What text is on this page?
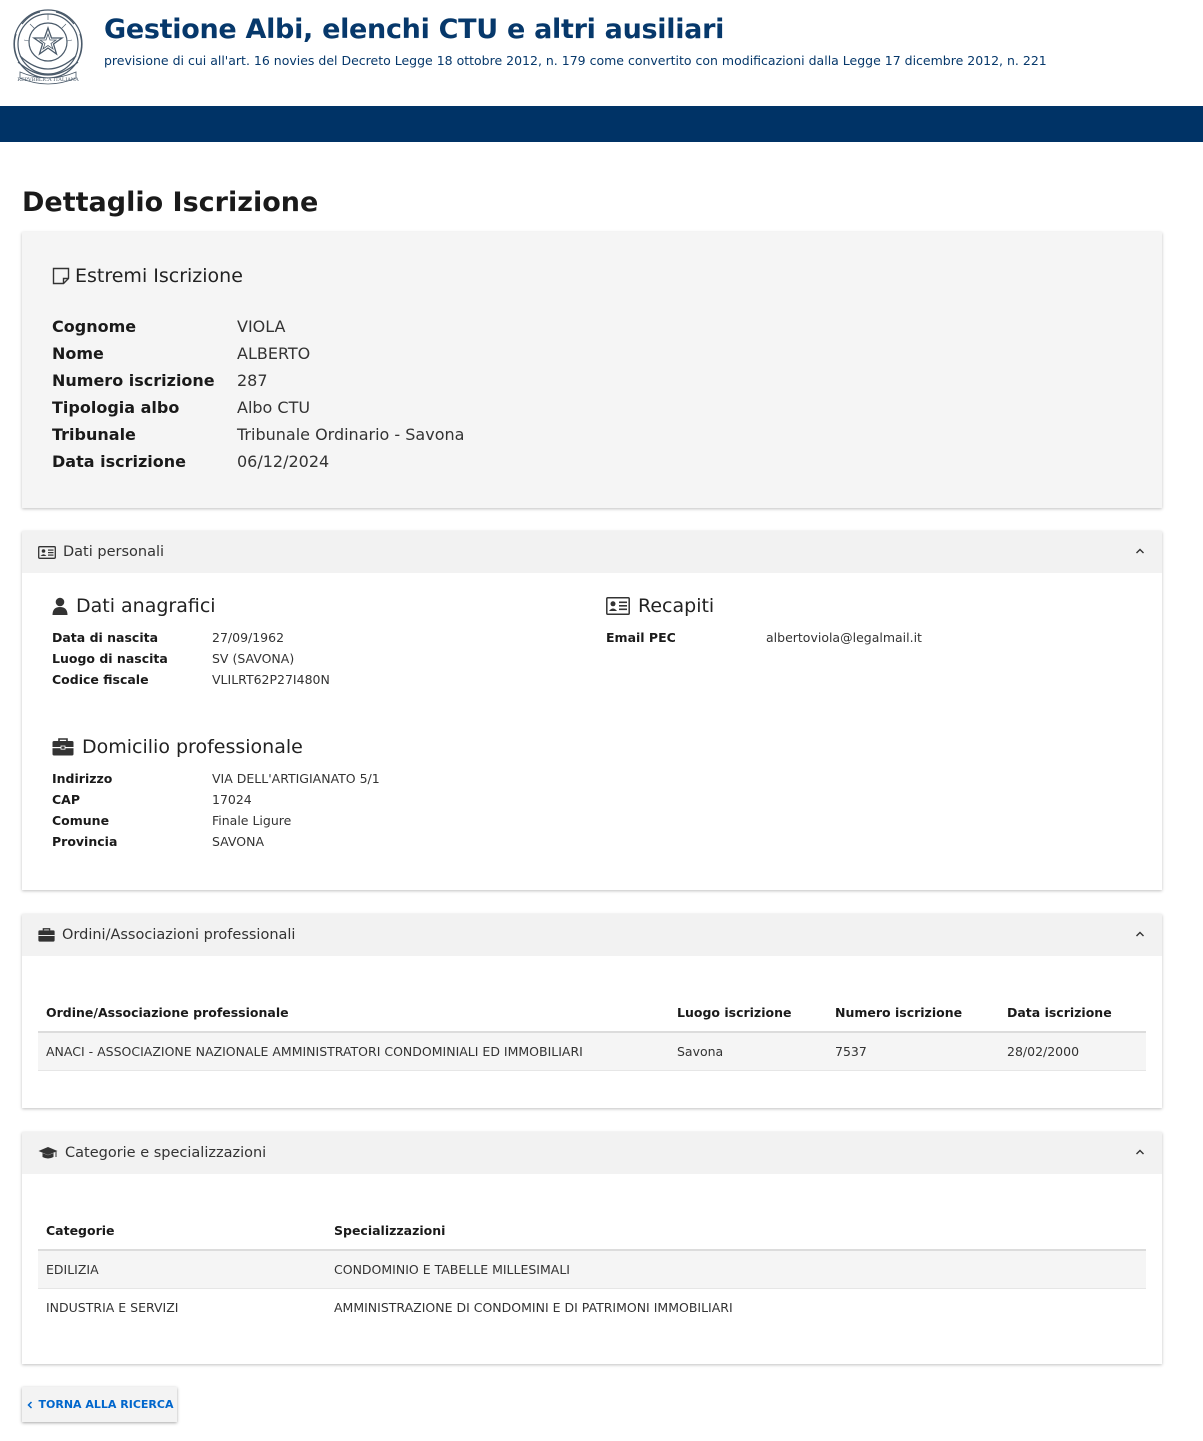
REPVBBLICA ITALIANA
Gestione Albi, elenchi CTU e altri ausiliari
previsione di cui all'art. 16 novies del Decreto Legge 18 ottobre 2012, n. 179 come convertito con modificazioni dalla Legge 17 dicembre 2012, n. 221
Dettaglio Iscrizione
Estremi Iscrizione
Cognome	VIOLA
Nome	ALBERTO
Numero iscrizione 287
Tipologia albo	Albo CTU
Tribunale	Tribunale Ordinario - Savona
Data iscrizione	06/12/2024
Dati personali
Dati anagrafici
Data di nascita	27/09/1962
Luogo di nascita	SV (SAVONA)
Codice fiscale	VLILRT62P27I480N
Recapiti
Email PEC	albertoviola@legalmail.it
Domicilio professionale
Indirizzo	VIA DELL'ARTIGIANATO 5/1
CAP	17024
Comune	Finale Ligure
Provincia	SAVONA
Ordini/Associazioni professionali
Ordine/Associazione professionale	Luogo iscrizione	Numero iscrizione	Data iscrizione
ANACI - ASSOCIAZIONE NAZIONALE AMMINISTRATORI CONDOMINIALI ED IMMOBILIARI	Savona	7537	28/02/2000
Categorie e specializzazioni
Categorie	Specializzazioni
EDILIZIA	CONDOMINIO E TABELLE MILLESIMALI
INDUSTRIA E SERVIZI	AMMINISTRAZIONE DI CONDOMINI E DI PATRIMONI IMMOBILIARI
TORNA ALLA RICERCA
